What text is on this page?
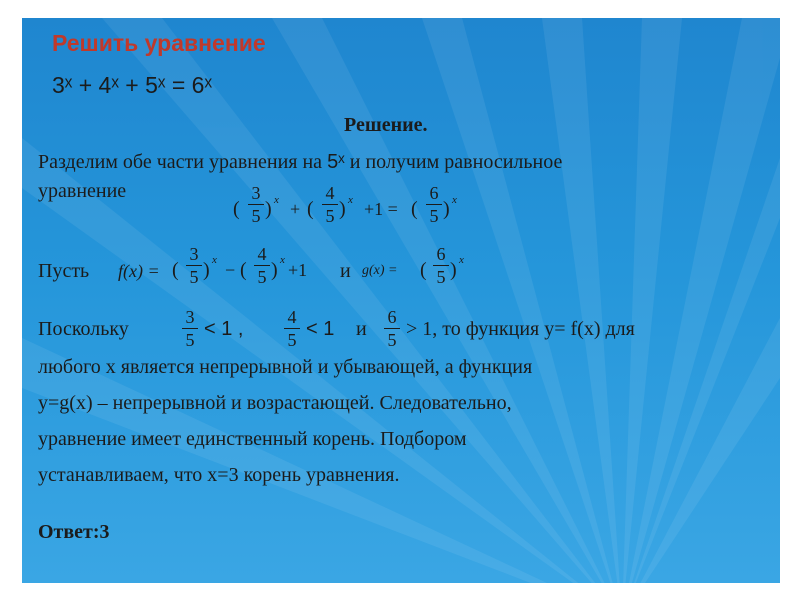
Решить уравнение
3ˣ + 4ˣ + 5ˣ = 6ˣ
Решение.
Разделим обе части уравнения на 5ˣ и получим равносильное
уравнение
(
3
5 ) x + (
4
5 ) x +1 = (
6
5 ) x
Пусть f(x) = (
3
5 ) x − (
4
5 ) x +1 и g(x) = (
6
5 ) x
Поскольку
3
5 < 1 ,
4
5 < 1 и
6
5 > 1, то функция у= f(x) для
любого х является непрерывной и убывающей, а функция
y=g(x) – непрерывной и возрастающей. Следовательно,
уравнение имеет единственный корень. Подбором
устанавливаем, что х=3 корень уравнения.
Ответ:3
